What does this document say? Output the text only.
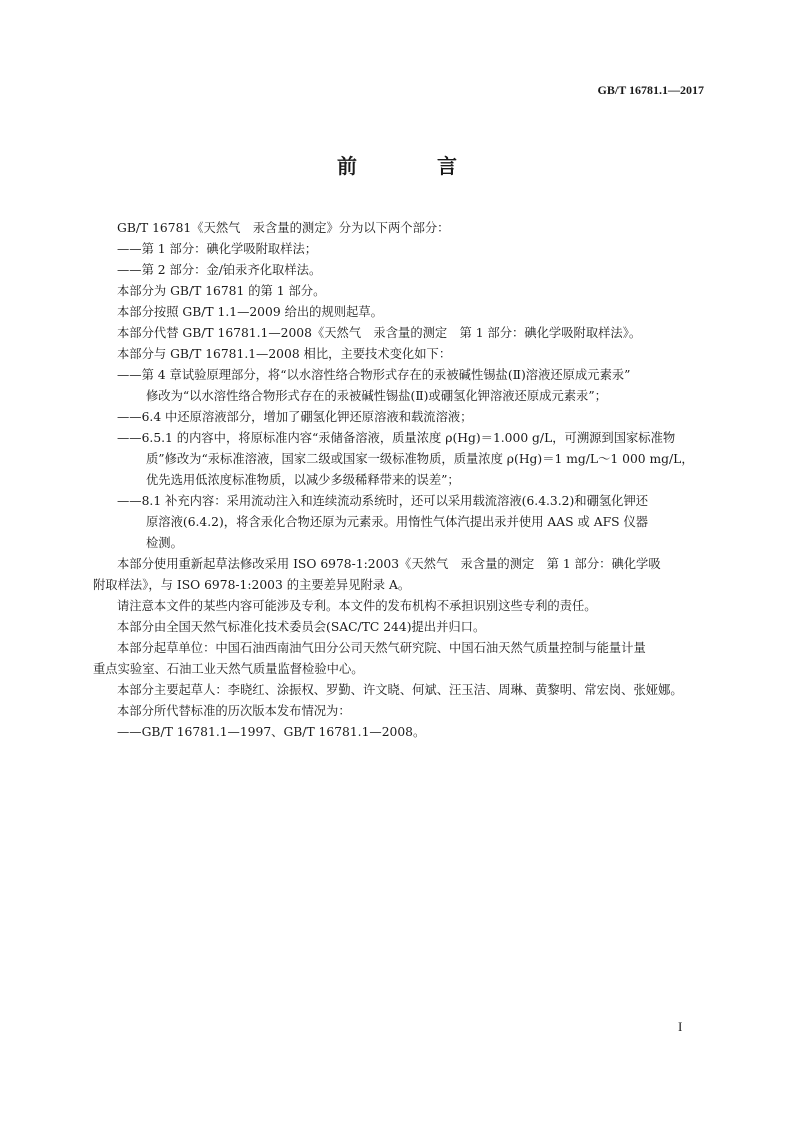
GB/T 16781.1—2017
前　言
GB/T 16781《天然气　汞含量的测定》分为以下两个部分：
——第 1 部分：碘化学吸附取样法；
——第 2 部分：金/铂汞齐化取样法。
本部分为 GB/T 16781 的第 1 部分。
本部分按照 GB/T 1.1—2009 给出的规则起草。
本部分代替 GB/T 16781.1—2008《天然气　汞含量的测定　第 1 部分：碘化学吸附取样法》。
本部分与 GB/T 16781.1—2008 相比，主要技术变化如下：
——第 4 章试验原理部分，将“以水溶性络合物形式存在的汞被碱性锡盐(Ⅱ)溶液还原成元素汞”
修改为“以水溶性络合物形式存在的汞被碱性锡盐(Ⅱ)或硼氢化钾溶液还原成元素汞”；
——6.4 中还原溶液部分，增加了硼氢化钾还原溶液和载流溶液；
——6.5.1 的内容中，将原标准内容“汞储备溶液，质量浓度 ρ(Hg)＝1.000 g/L，可溯源到国家标准物
质”修改为“汞标准溶液，国家二级或国家一级标准物质，质量浓度 ρ(Hg)＝1 mg/L～1 000 mg/L，
优先选用低浓度标准物质，以减少多级稀释带来的误差”；
——8.1 补充内容：采用流动注入和连续流动系统时，还可以采用载流溶液(6.4.3.2)和硼氢化钾还
原溶液(6.4.2)，将含汞化合物还原为元素汞。用惰性气体汽提出汞并使用 AAS 或 AFS 仪器
检测。
本部分使用重新起草法修改采用 ISO 6978-1:2003《天然气　汞含量的测定　第 1 部分：碘化学吸
附取样法》，与 ISO 6978-1:2003 的主要差异见附录 A。
请注意本文件的某些内容可能涉及专利。本文件的发布机构不承担识别这些专利的责任。
本部分由全国天然气标准化技术委员会(SAC/TC 244)提出并归口。
本部分起草单位：中国石油西南油气田分公司天然气研究院、中国石油天然气质量控制与能量计量
重点实验室、石油工业天然气质量监督检验中心。
本部分主要起草人：李晓红、涂振权、罗勤、许文晓、何斌、汪玉洁、周琳、黄黎明、常宏岗、张娅娜。
本部分所代替标准的历次版本发布情况为：
——GB/T 16781.1—1997、GB/T 16781.1—2008。
I
